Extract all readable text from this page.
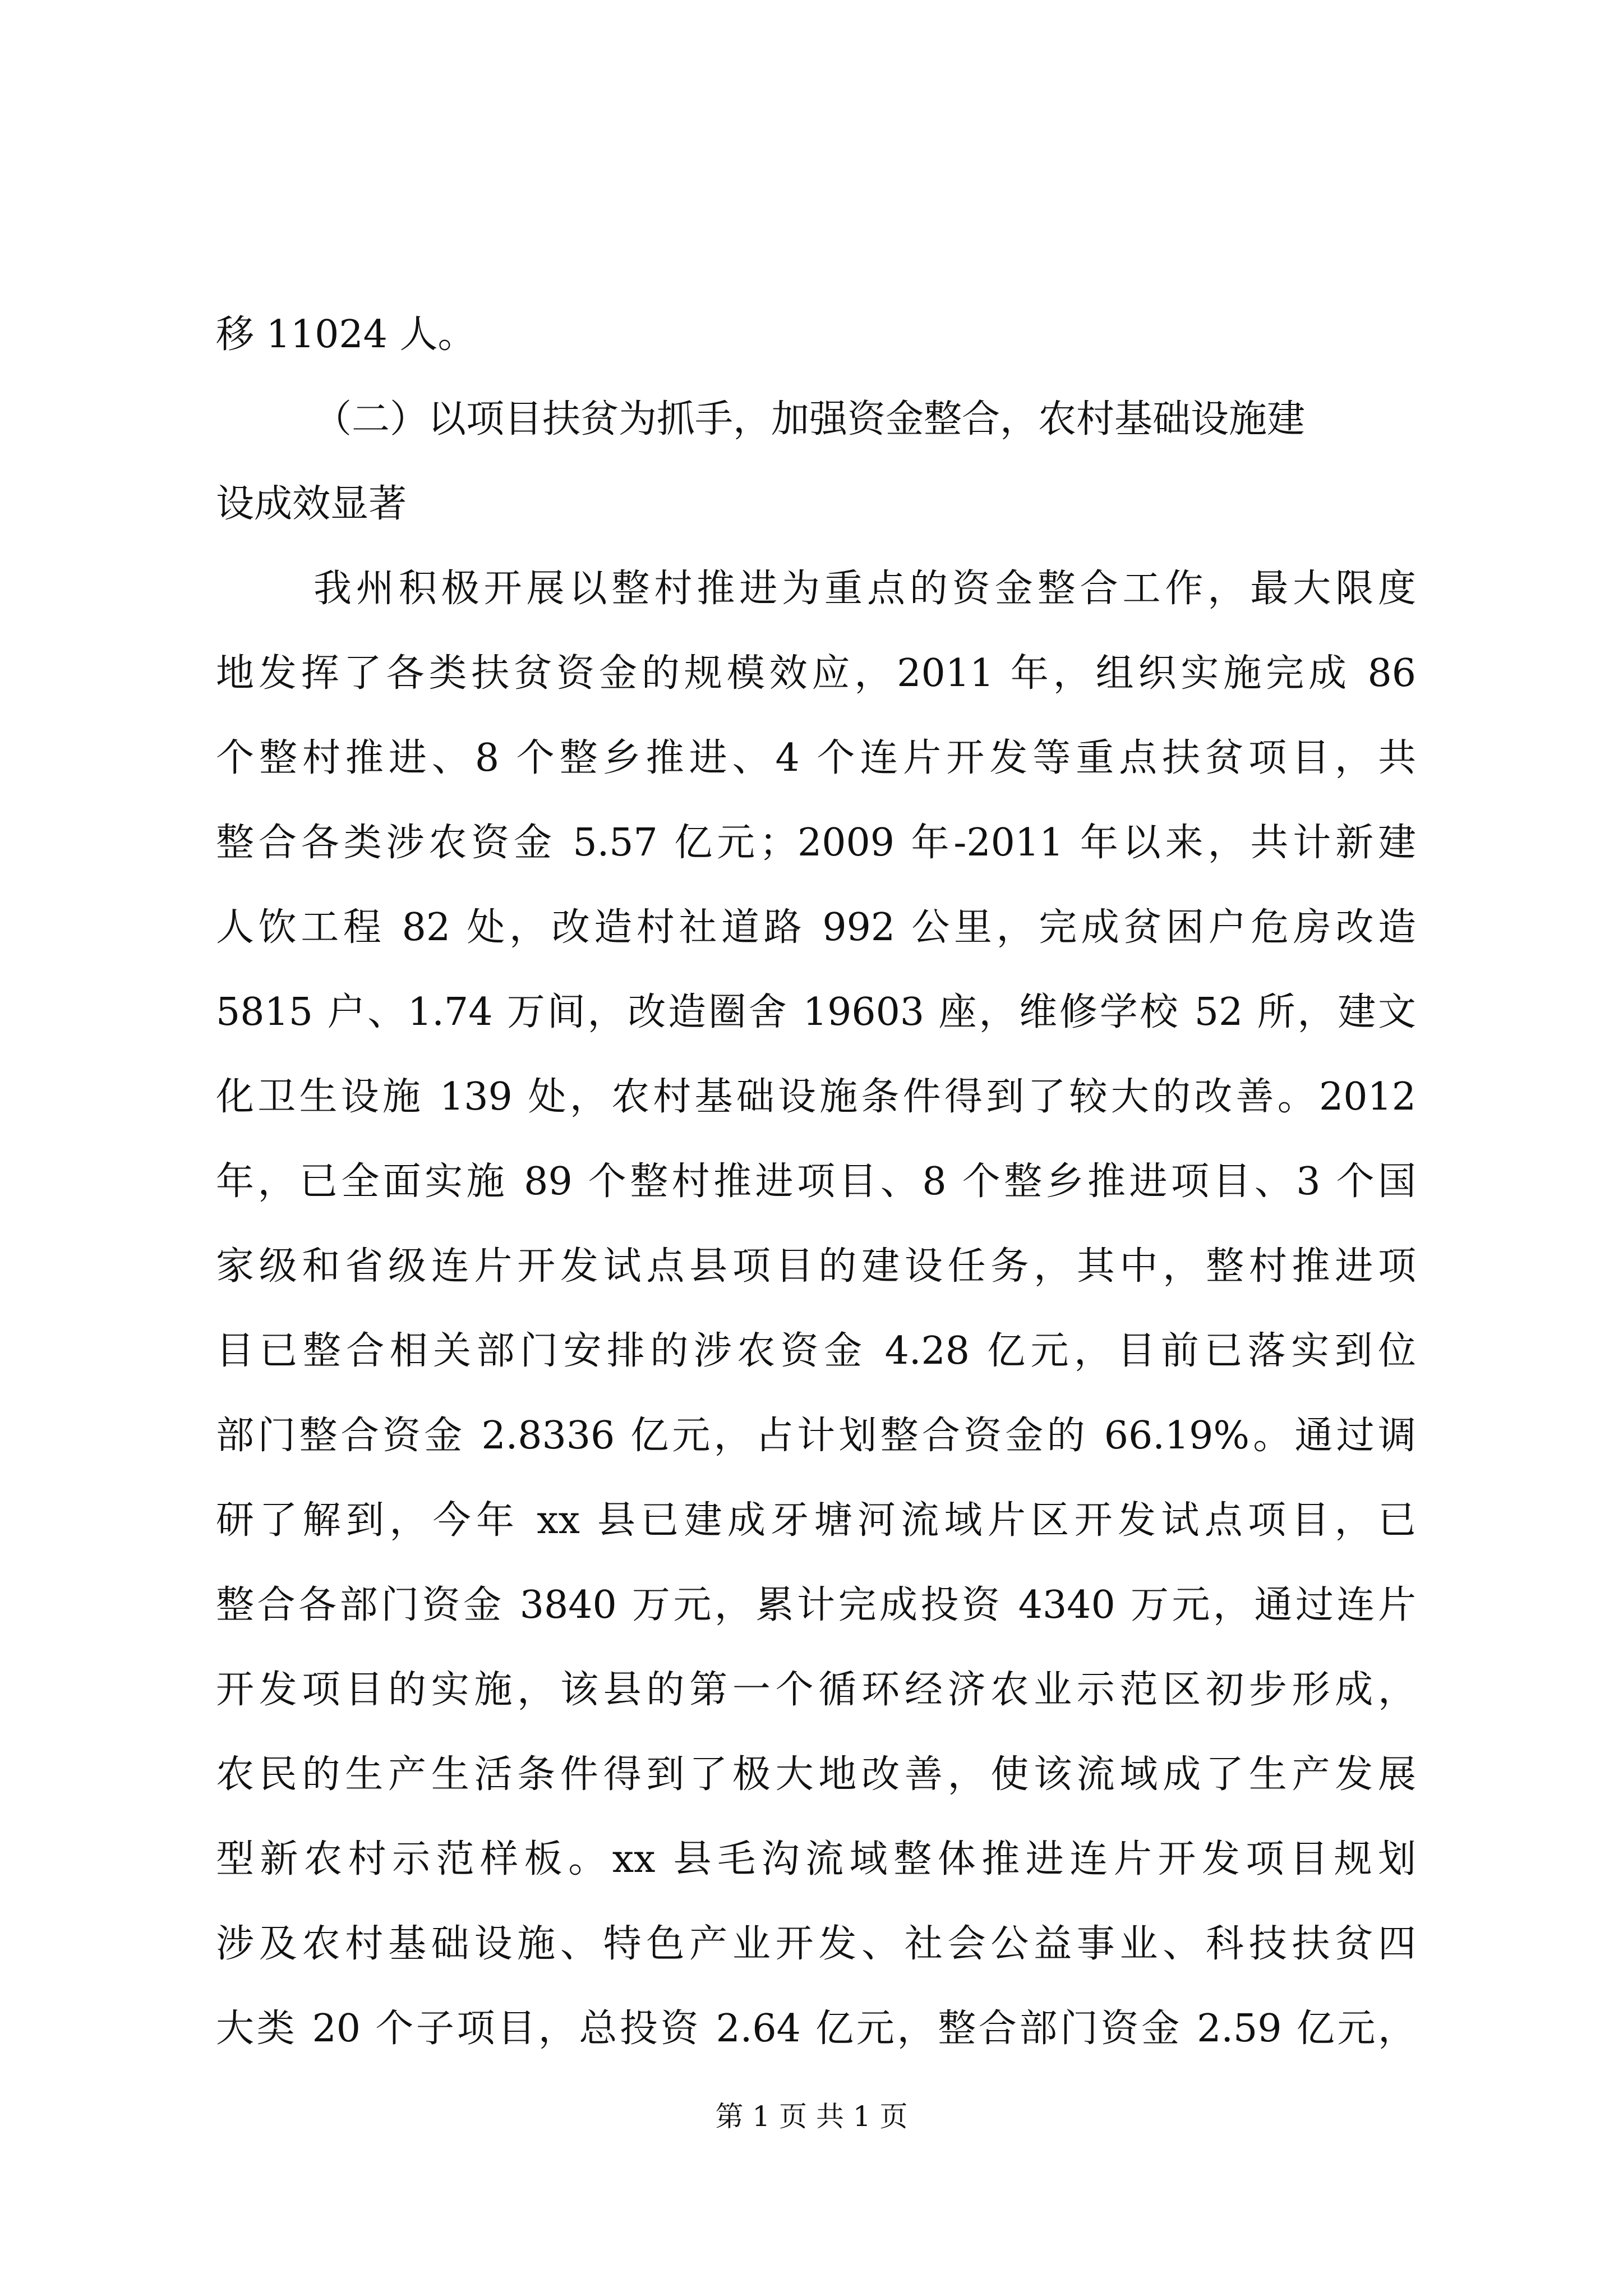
移 11024 人。
（二）以项目扶贫为抓手，加强资金整合，农村基础设施建
设成效显著
我州积极开展以整村推进为重点的资金整合工作，最大限度
地发挥了各类扶贫资金的规模效应，2011 年，组织实施完成 86
个整村推进、8 个整乡推进、4 个连片开发等重点扶贫项目，共
整合各类涉农资金 5.57 亿元；2009 年-2011 年以来，共计新建
人饮工程 82 处，改造村社道路 992 公里，完成贫困户危房改造
5815 户、1.74 万间，改造圈舍 19603 座，维修学校 52 所，建文
化卫生设施 139 处，农村基础设施条件得到了较大的改善。2012
年，已全面实施 89 个整村推进项目、8 个整乡推进项目、3 个国
家级和省级连片开发试点县项目的建设任务，其中，整村推进项
目已整合相关部门安排的涉农资金 4.28 亿元，目前已落实到位
部门整合资金 2.8336 亿元，占计划整合资金的 66.19%。通过调
研了解到，今年 xx 县已建成牙塘河流域片区开发试点项目，已
整合各部门资金 3840 万元，累计完成投资 4340 万元，通过连片
开发项目的实施，该县的第一个循环经济农业示范区初步形成，
农民的生产生活条件得到了极大地改善，使该流域成了生产发展
型新农村示范样板。xx 县毛沟流域整体推进连片开发项目规划
涉及农村基础设施、特色产业开发、社会公益事业、科技扶贫四
大类 20 个子项目，总投资 2.64 亿元，整合部门资金 2.59 亿元，
第 1 页 共 1 页
